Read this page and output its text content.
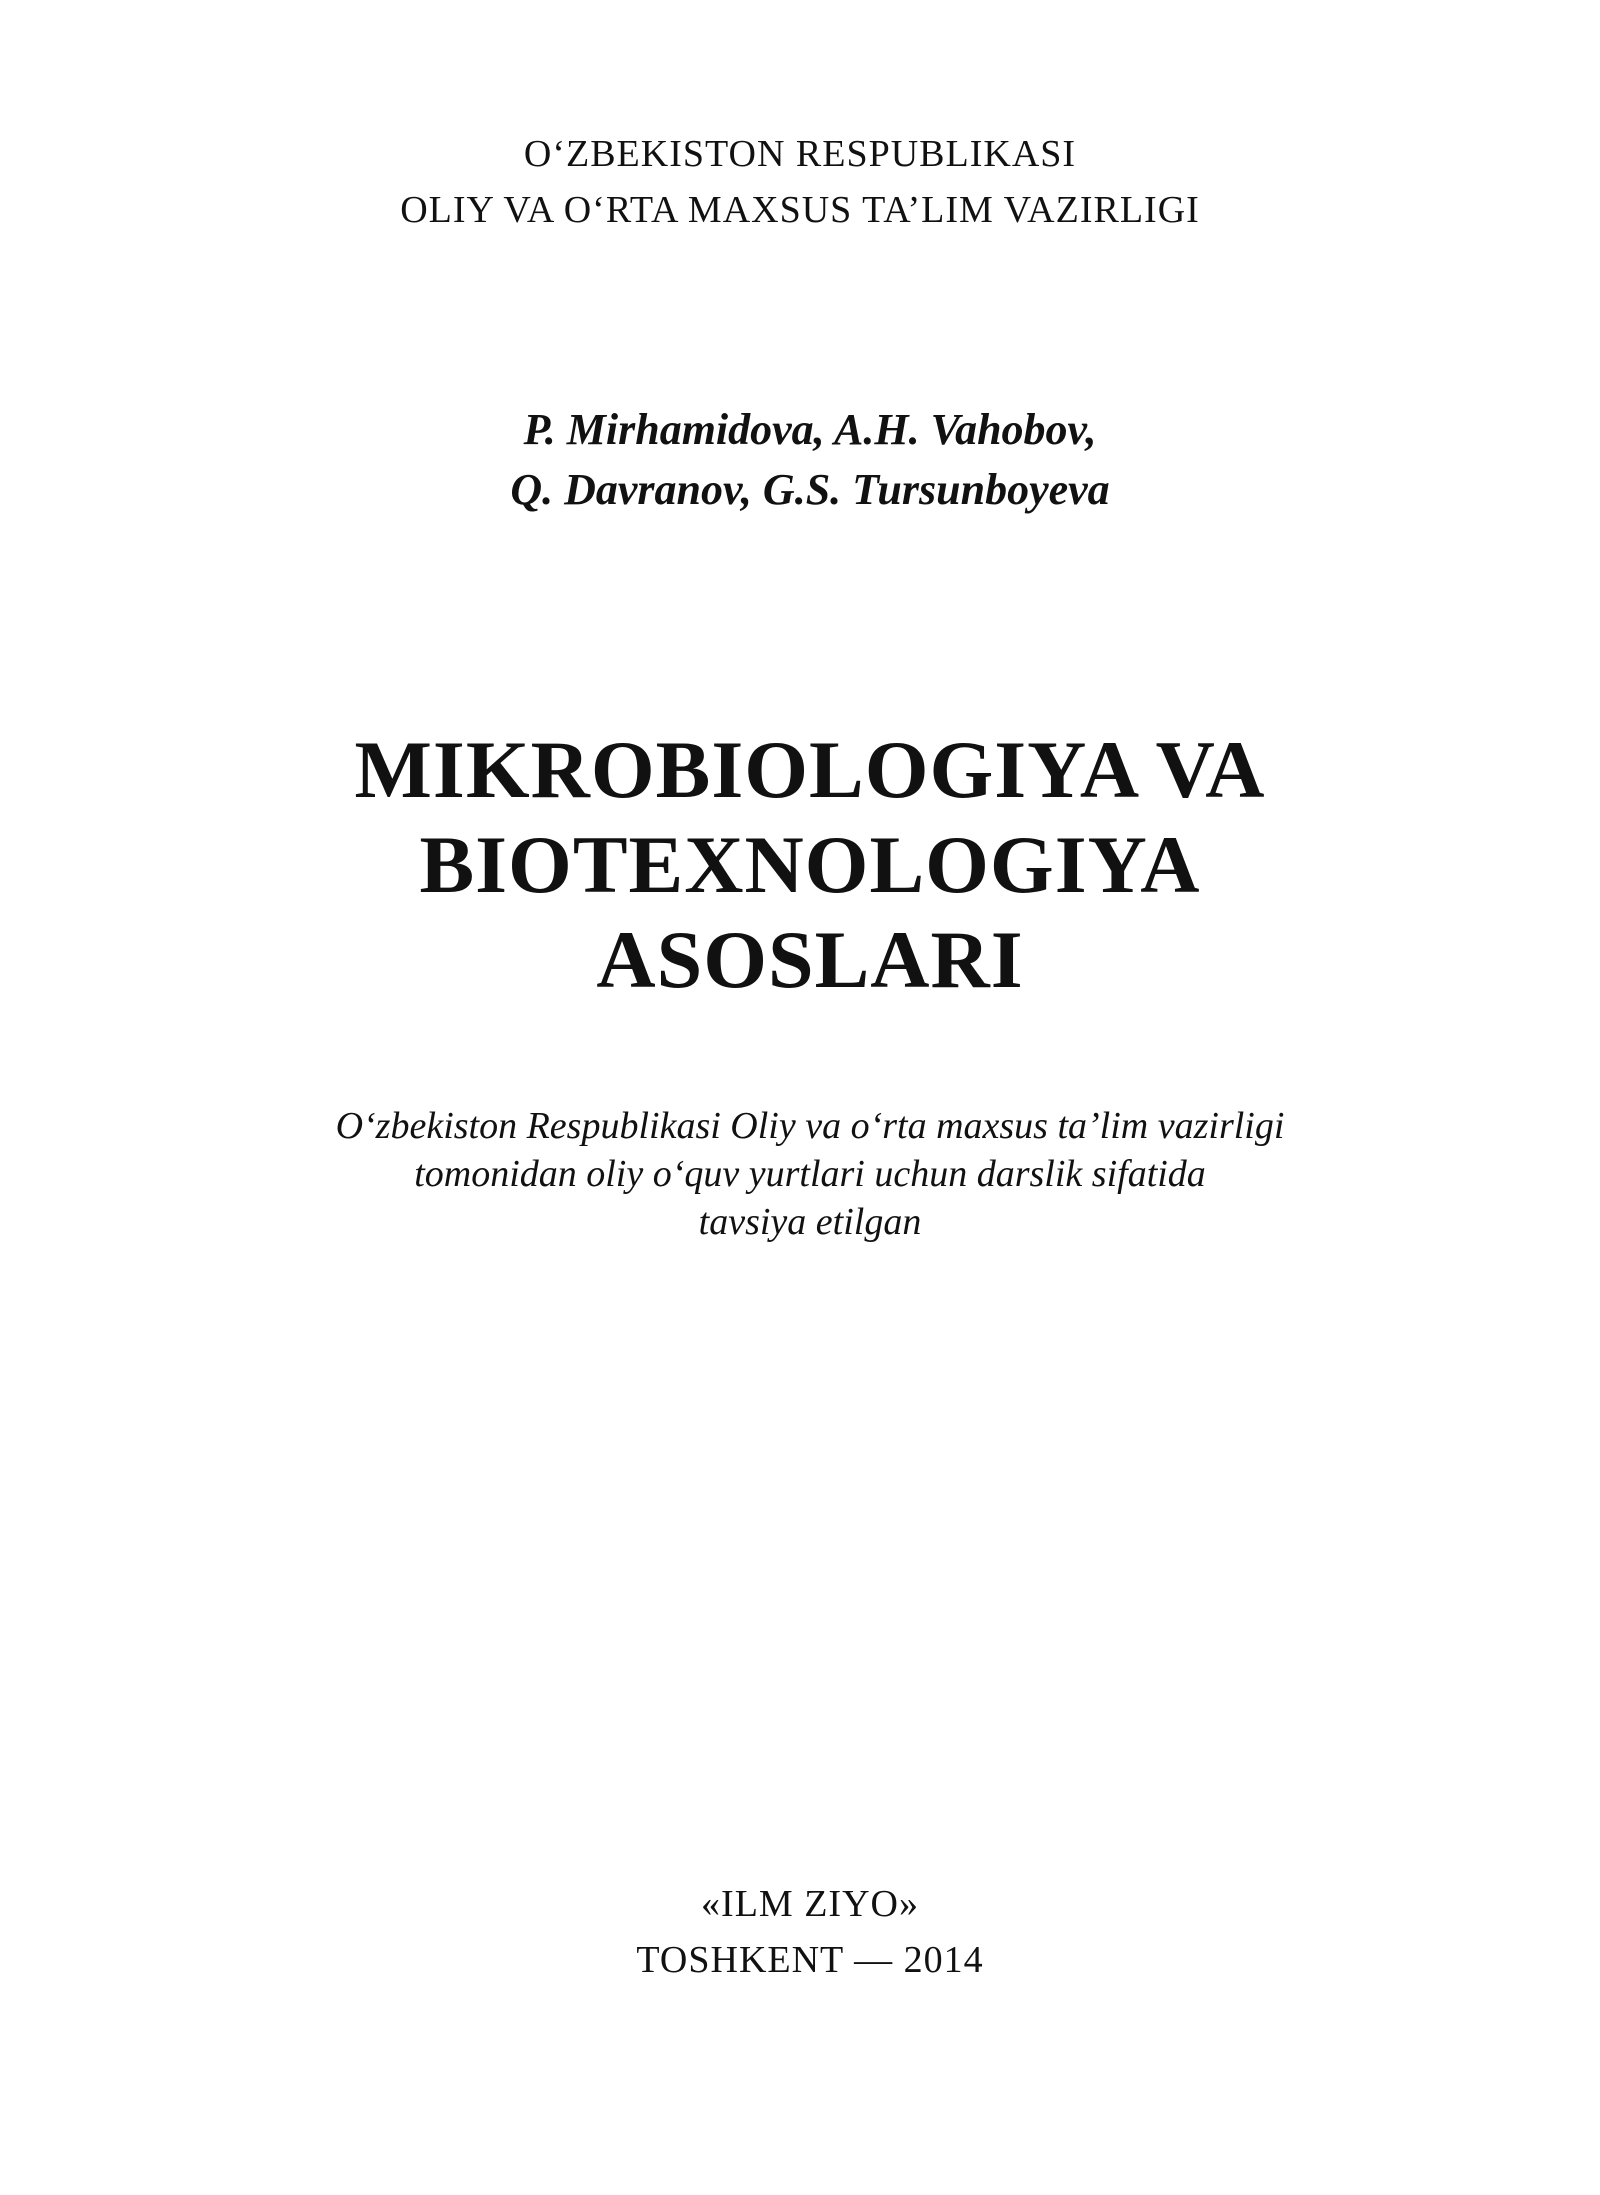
O‘ZBEKISTON RESPUBLIKASI
OLIY VA O‘RTA MAXSUS TA’LIM VAZIRLIGI
P. Mirhamidova, A.H. Vahobov,
Q. Davranov, G.S. Tursunboyeva
MIKROBIOLOGIYA VA
BIOTEXNOLOGIYA
ASOSLARI
O‘zbekiston Respublikasi Oliy va o‘rta maxsus ta’lim vazirligi
tomonidan oliy o‘quv yurtlari uchun darslik sifatida
tavsiya etilgan
«ILM ZIYO»
TOSHKENT — 2014
